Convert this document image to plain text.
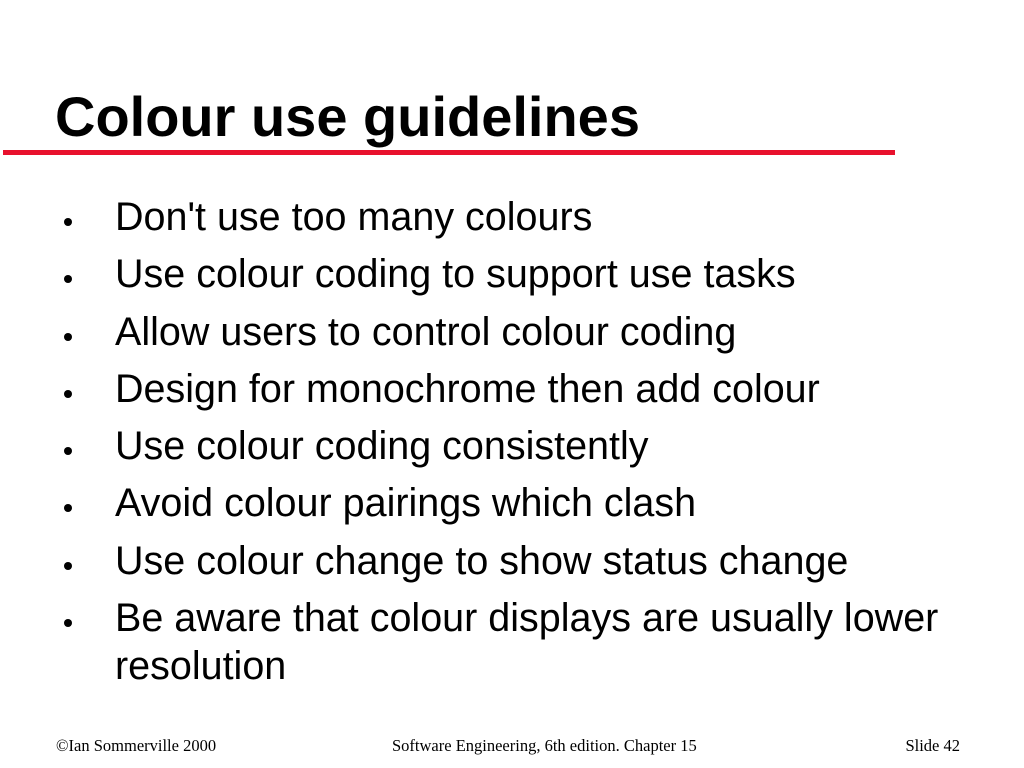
Colour use guidelines
Don't use too many colours
Use colour coding to support use tasks
Allow users to control colour coding
Design for monochrome then add colour
Use colour coding consistently
Avoid colour pairings which clash
Use colour change to show status change
Be aware that colour displays are usually lower resolution
©Ian Sommerville 2000	Software Engineering, 6th edition. Chapter 15	Slide 42
